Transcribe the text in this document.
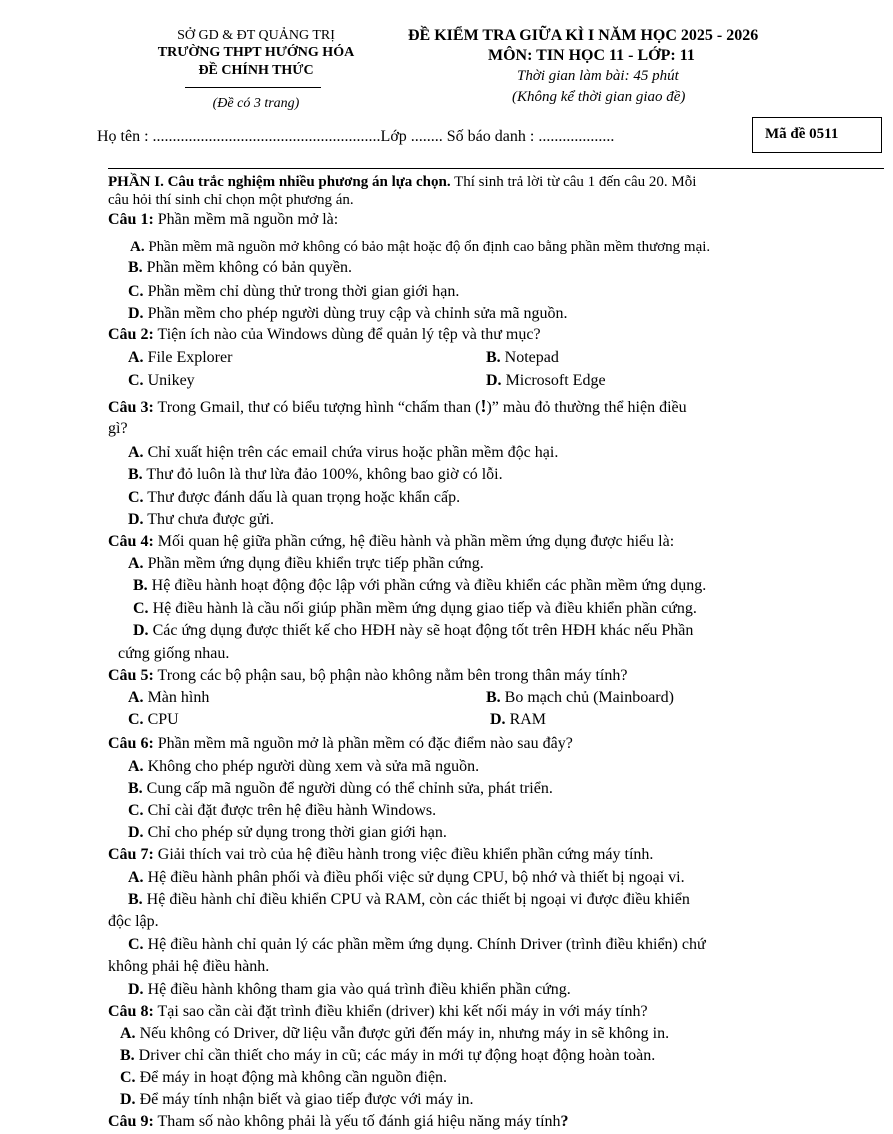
SỞ GD & ĐT QUẢNG TRỊ
TRƯỜNG THPT HƯỚNG HÓA
ĐỀ CHÍNH THỨC
(Đề có 3 trang)
ĐỀ KIỂM TRA GIỮA KÌ I NĂM HỌC 2025 - 2026
MÔN: TIN HỌC 11 - LỚP: 11
Thời gian làm bài: 45 phút
(Không kể thời gian giao đề)
Họ tên : .........................................................Lớp ........ Số báo danh : ...................	Mã đề 0511
PHẦN I. Câu trắc nghiệm nhiều phương án lựa chọn. Thí sinh trả lời từ câu 1 đến câu 20. Mỗi
câu hỏi thí sinh chỉ chọn một phương án.
Câu 1: Phần mềm mã nguồn mở là:
A. Phần mềm mã nguồn mở không có bảo mật hoặc độ ổn định cao bằng phần mềm thương mại.
B. Phần mềm không có bản quyền.
C. Phần mềm chỉ dùng thử trong thời gian giới hạn.
D. Phần mềm cho phép người dùng truy cập và chỉnh sửa mã nguồn.
Câu 2: Tiện ích nào của Windows dùng để quản lý tệp và thư mục?
A. File Explorer	B. Notepad
C. Unikey	D. Microsoft Edge
Câu 3: Trong Gmail, thư có biểu tượng hình “chấm than (!)” màu đỏ thường thể hiện điều
gì?
A. Chỉ xuất hiện trên các email chứa virus hoặc phần mềm độc hại.
B. Thư đỏ luôn là thư lừa đảo 100%, không bao giờ có lỗi.
C. Thư được đánh dấu là quan trọng hoặc khẩn cấp.
D. Thư chưa được gửi.
Câu 4: Mối quan hệ giữa phần cứng, hệ điều hành và phần mềm ứng dụng được hiểu là:
A. Phần mềm ứng dụng điều khiển trực tiếp phần cứng.
B. Hệ điều hành hoạt động độc lập với phần cứng và điều khiển các phần mềm ứng dụng.
C. Hệ điều hành là cầu nối giúp phần mềm ứng dụng giao tiếp và điều khiển phần cứng.
D. Các ứng dụng được thiết kế cho HĐH này sẽ hoạt động tốt trên HĐH khác nếu Phần
cứng giống nhau.
Câu 5: Trong các bộ phận sau, bộ phận nào không nằm bên trong thân máy tính?
A. Màn hình	B. Bo mạch chủ (Mainboard)
C. CPU	D. RAM
Câu 6: Phần mềm mã nguồn mở là phần mềm có đặc điểm nào sau đây?
A. Không cho phép người dùng xem và sửa mã nguồn.
B. Cung cấp mã nguồn để người dùng có thể chỉnh sửa, phát triển.
C. Chỉ cài đặt được trên hệ điều hành Windows.
D. Chỉ cho phép sử dụng trong thời gian giới hạn.
Câu 7: Giải thích vai trò của hệ điều hành trong việc điều khiển phần cứng máy tính.
A. Hệ điều hành phân phối và điều phối việc sử dụng CPU, bộ nhớ và thiết bị ngoại vi.
B. Hệ điều hành chỉ điều khiển CPU và RAM, còn các thiết bị ngoại vi được điều khiển
độc lập.
C. Hệ điều hành chỉ quản lý các phần mềm ứng dụng. Chính Driver (trình điều khiển) chứ
không phải hệ điều hành.
D. Hệ điều hành không tham gia vào quá trình điều khiển phần cứng.
Câu 8: Tại sao cần cài đặt trình điều khiển (driver) khi kết nối máy in với máy tính?
A. Nếu không có Driver, dữ liệu vẫn được gửi đến máy in, nhưng máy in sẽ không in.
B. Driver chỉ cần thiết cho máy in cũ; các máy in mới tự động hoạt động hoàn toàn.
C. Để máy in hoạt động mà không cần nguồn điện.
D. Để máy tính nhận biết và giao tiếp được với máy in.
Câu 9: Tham số nào không phải là yếu tố đánh giá hiệu năng máy tính?
